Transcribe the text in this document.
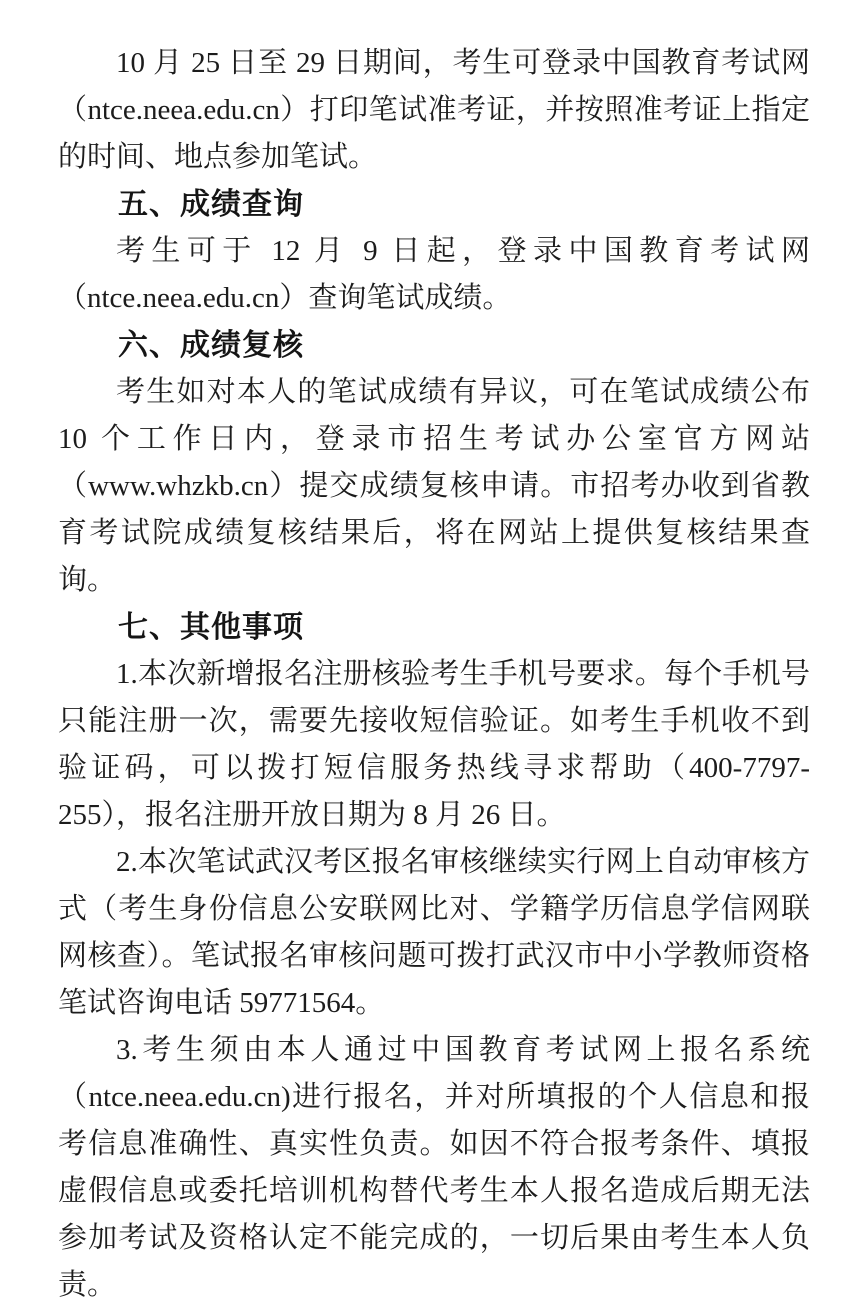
10 月 25 日至 29 日期间，考生可登录中国教育考试网（ntce.neea.edu.cn）打印笔试准考证，并按照准考证上指定的时间、地点参加笔试。

五、成绩查询

考生可于 12 月 9 日起，登录中国教育考试网（ntce.neea.edu.cn）查询笔试成绩。

六、成绩复核

考生如对本人的笔试成绩有异议，可在笔试成绩公布 10 个工作日内，登录市招生考试办公室官方网站（www.whzkb.cn）提交成绩复核申请。市招考办收到省教育考试院成绩复核结果后，将在网站上提供复核结果查询。

七、其他事项

1.本次新增报名注册核验考生手机号要求。每个手机号只能注册一次，需要先接收短信验证。如考生手机收不到验证码，可以拨打短信服务热线寻求帮助（400-7797-255），报名注册开放日期为 8 月 26 日。

2.本次笔试武汉考区报名审核继续实行网上自动审核方式（考生身份信息公安联网比对、学籍学历信息学信网联网核查）。笔试报名审核问题可拨打武汉市中小学教师资格笔试咨询电话 59771564。

3.考生须由本人通过中国教育考试网上报名系统（ntce.neea.edu.cn)进行报名，并对所填报的个人信息和报考信息准确性、真实性负责。如因不符合报考条件、填报虚假信息或委托培训机构替代考生本人报名造成后期无法参加考试及资格认定不能完成的，一切后果由考生本人负责。
